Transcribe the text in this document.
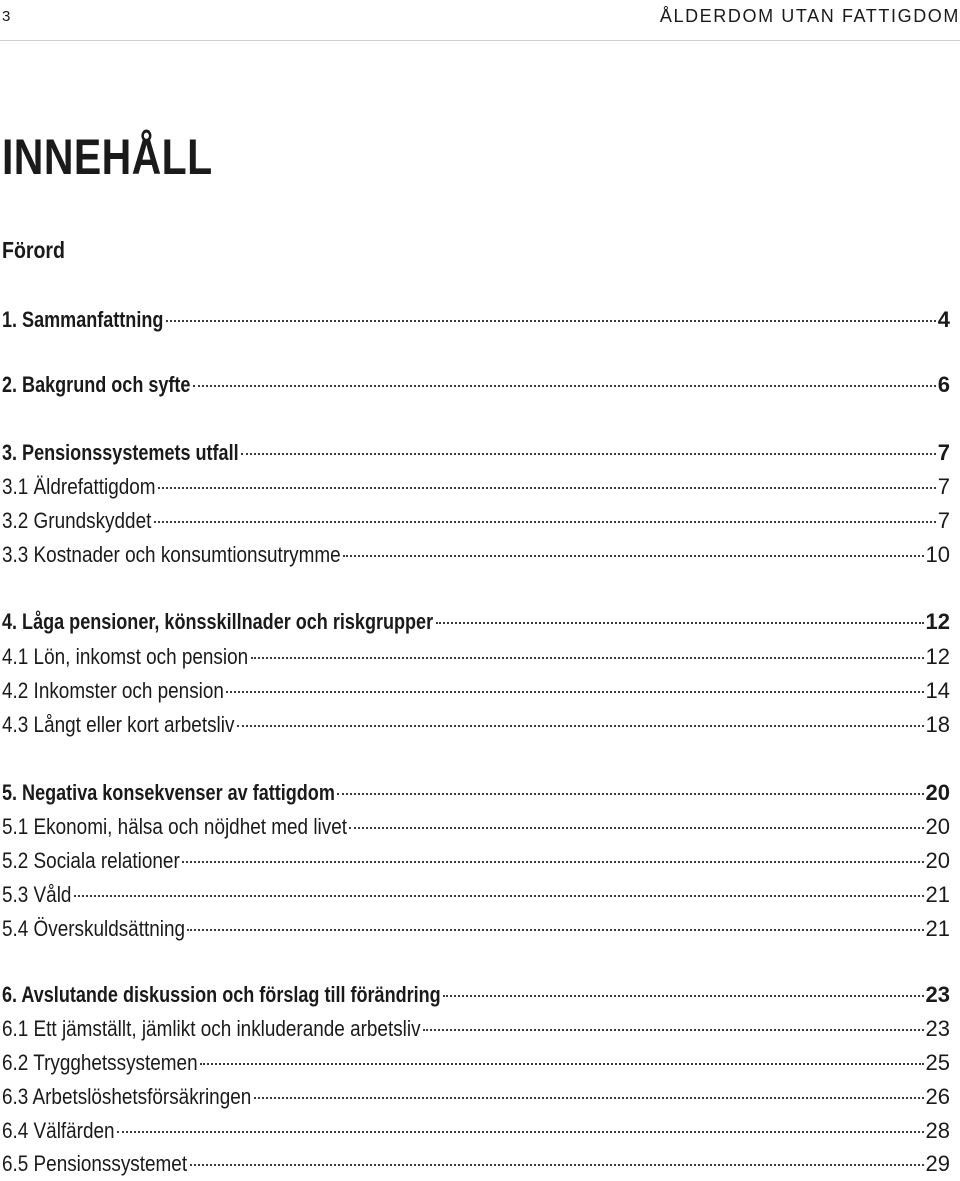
3	ÅLDERDOM UTAN FATTIGDOM
INNEHÅLL
Förord
1. Sammanfattning	4
2. Bakgrund och syfte	6
3. Pensionssystemets utfall	7
3.1 Äldrefattigdom	7
3.2 Grundskyddet	7
3.3 Kostnader och konsumtionsutrymme	10
4. Låga pensioner, könsskillnader och riskgrupper	12
4.1 Lön, inkomst och pension	12
4.2 Inkomster och pension	14
4.3 Långt eller kort arbetsliv	18
5. Negativa konsekvenser av fattigdom	20
5.1 Ekonomi, hälsa och nöjdhet med livet	20
5.2 Sociala relationer	20
5.3 Våld	21
5.4 Överskuldsättning	21
6. Avslutande diskussion och förslag till förändring	23
6.1 Ett jämställt, jämlikt och inkluderande arbetsliv	23
6.2 Trygghetssystemen	25
6.3 Arbetslöshetsförsäkringen	26
6.4 Välfärden	28
6.5 Pensionssystemet	29
